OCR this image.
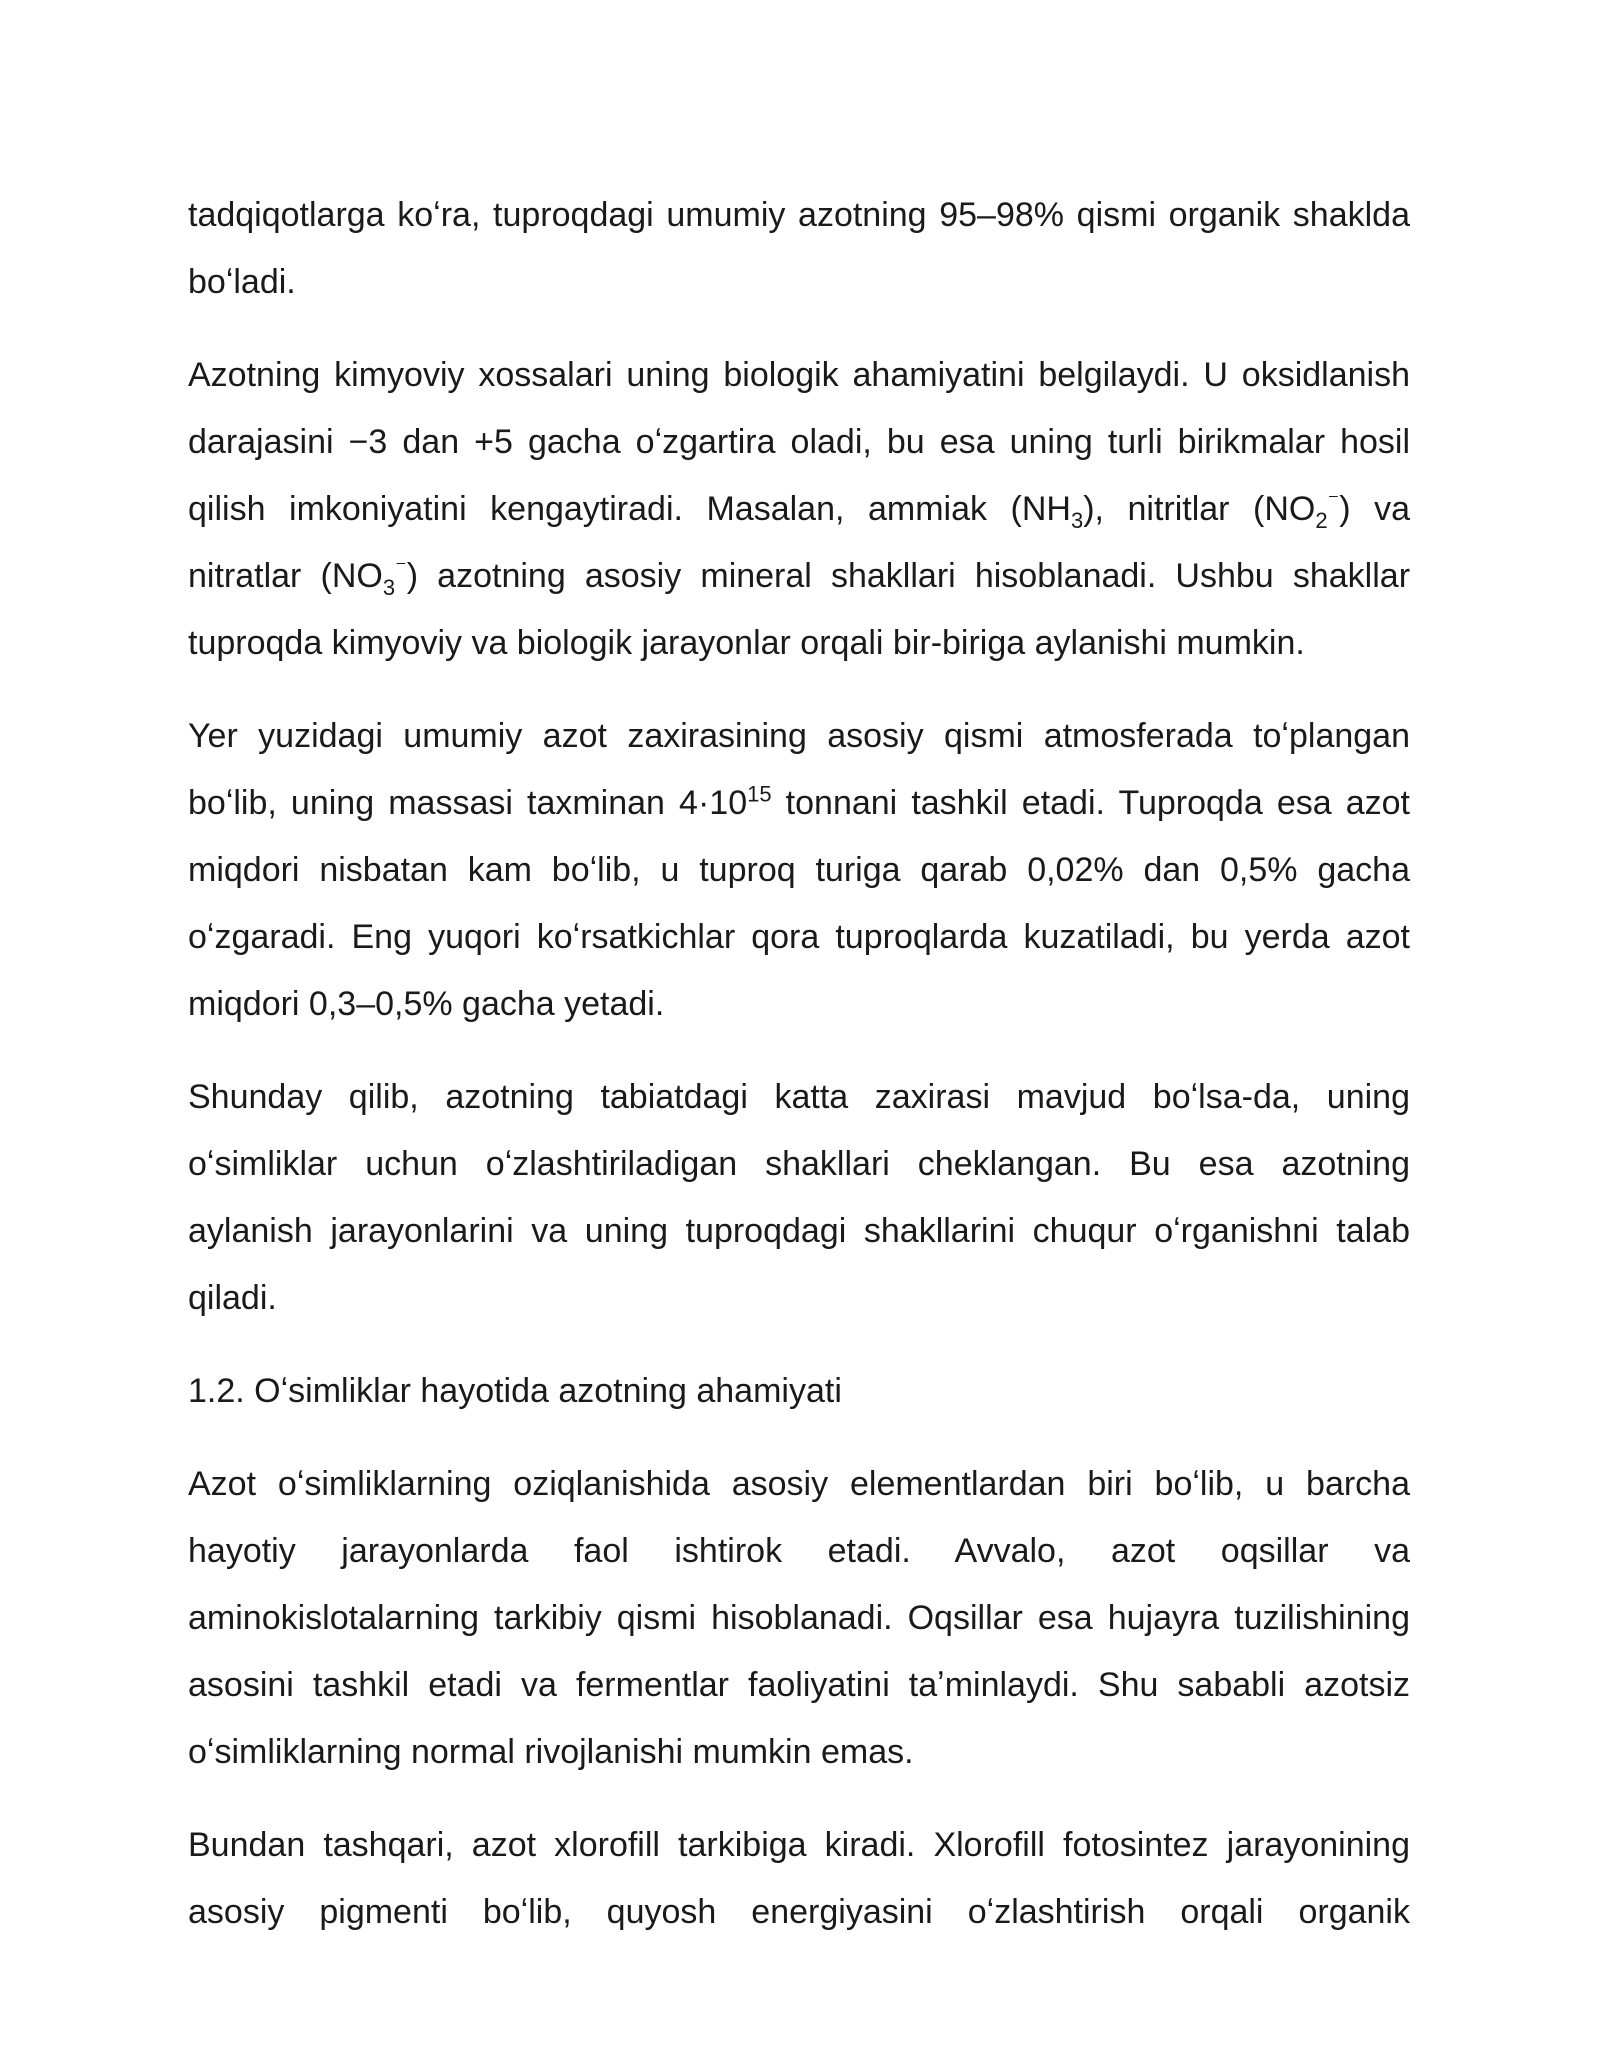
tadqiqotlarga koʻra, tuproqdagi umumiy azotning 95–98% qismi organik shaklda boʻladi.

Azotning kimyoviy xossalari uning biologik ahamiyatini belgilaydi. U oksidlanish darajasini −3 dan +5 gacha oʻzgartira oladi, bu esa uning turli birikmalar hosil qilish imkoniyatini kengaytiradi. Masalan, ammiak $(NH_3)$, nitritlar $(NO_2^{^-})$ va nitratlar $(NO_3^{^-})$ azotning asosiy mineral shakllari hisoblanadi. Ushbu shakllar tuproqda kimyoviy va biologik jarayonlar orqali bir-biriga aylanishi mumkin.

Yer yuzidagi umumiy azot zaxirasining asosiy qismi atmosferada toʻplangan boʻlib, uning massasi taxminan $4\cdot 10^{15}$ tonnani tashkil etadi. Tuproqda esa azot miqdori nisbatan kam boʻlib, u tuproq turiga qarab 0,02% dan 0,5% gacha oʻzgaradi. Eng yuqori koʻrsatkichlar qora tuproqlarda kuzatiladi, bu yerda azot miqdori 0,3–0,5% gacha yetadi.

Shunday qilib, azotning tabiatdagi katta zaxirasi mavjud boʻlsa-da, uning oʻsimliklar uchun oʻzlashtiriladigan shakllari cheklangan. Bu esa azotning aylanish jarayonlarini va uning tuproqdagi shakllarini chuqur oʻrganishni talab qiladi.

1.2. Oʻsimliklar hayotida azotning ahamiyati

Azot oʻsimliklarning oziqlanishida asosiy elementlardan biri boʻlib, u barcha hayotiy jarayonlarda faol ishtirok etadi. Avvalo, azot oqsillar va aminokislotalarning tarkibiy qismi hisoblanadi. Oqsillar esa hujayra tuzilishining asosini tashkil etadi va fermentlar faoliyatini taʼminlaydi. Shu sababli azotsiz oʻsimliklarning normal rivojlanishi mumkin emas.

Bundan tashqari, azot xlorofill tarkibiga kiradi. Xlorofill fotosintez jarayonining asosiy pigmenti boʻlib, quyosh energiyasini oʻzlashtirish orqali organik
